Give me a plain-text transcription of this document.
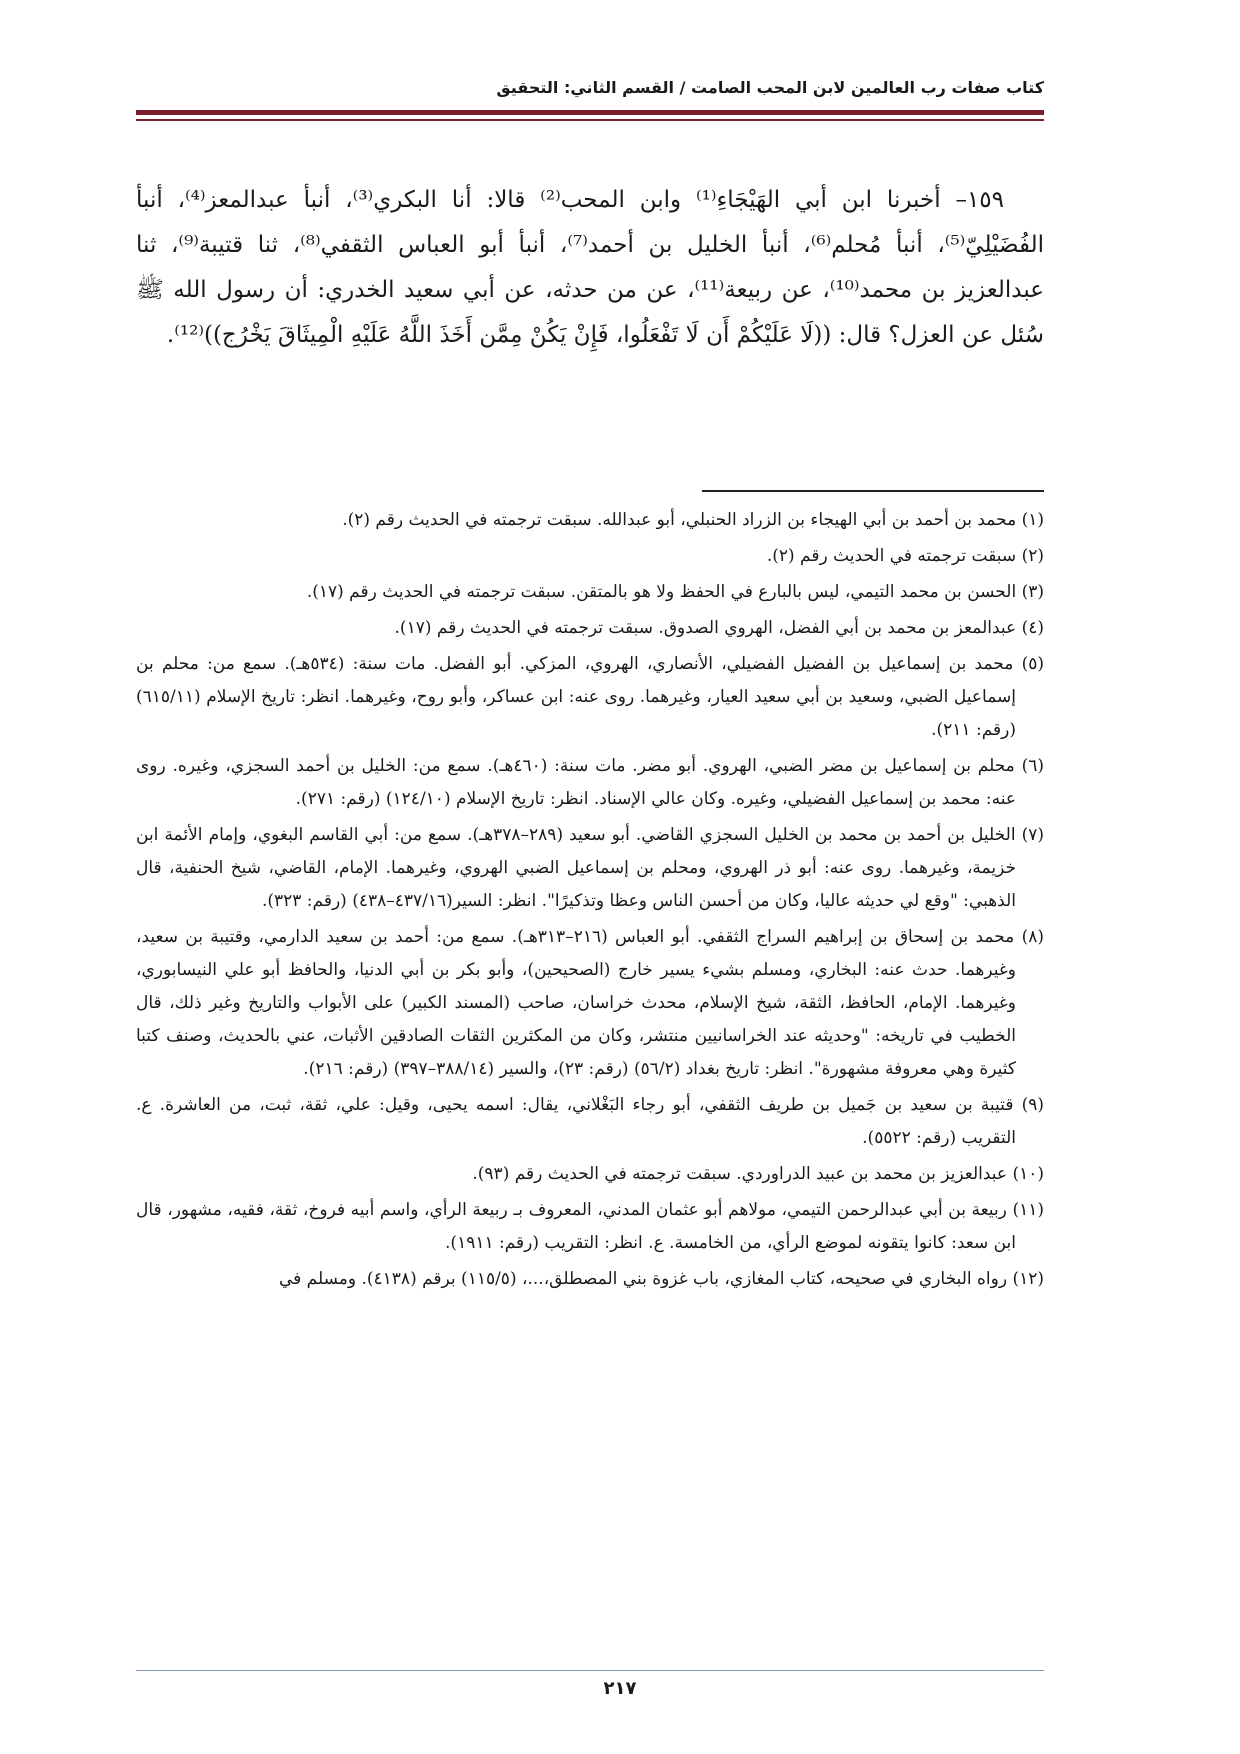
كتاب صفات رب العالمين لابن المحب الصامت / القسم الثاني: التحقيق

١٥٩– أخبرنا ابن أبي الهَيْجَاءِ⁽¹⁾ وابن المحب⁽²⁾ قالا: أنا البكري⁽³⁾، أنبأ عبدالمعز⁽⁴⁾، أنبأ الفُضَيْلِيّ⁽⁵⁾، أنبأ مُحلم⁽⁶⁾، أنبأ الخليل بن أحمد⁽⁷⁾، أنبأ أبو العباس الثقفي⁽⁸⁾، ثنا قتيبة⁽⁹⁾، ثنا عبدالعزيز بن محمد⁽¹⁰⁾، عن ربيعة⁽¹¹⁾، عن من حدثه، عن أبي سعيد الخدري: أن رسول الله ﷺ سُئل عن العزل؟ قال: ((لَا عَلَيْكُمْ أَن لَا تَفْعَلُوا، فَإِنْ يَكُنْ مِمَّن أَخَذَ اللَّهُ عَلَيْهِ الْمِيثَاقَ يَخْرُج))⁽¹²⁾.

(١) محمد بن أحمد بن أبي الهيجاء بن الزراد الحنبلي، أبو عبدالله. سبقت ترجمته في الحديث رقم (٢).
(٢) سبقت ترجمته في الحديث رقم (٢).
(٣) الحسن بن محمد التيمي، ليس بالبارع في الحفظ ولا هو بالمتقن. سبقت ترجمته في الحديث رقم (١٧).
(٤) عبدالمعز بن محمد بن أبي الفضل، الهروي الصدوق. سبقت ترجمته في الحديث رقم (١٧).
(٥) محمد بن إسماعيل بن الفضيل الفضيلي، الأنصاري، الهروي، المزكي. أبو الفضل. مات سنة: (٥٣٤هـ). سمع من: محلم بن إسماعيل الضبي، وسعيد بن أبي سعيد العيار، وغيرهما. روى عنه: ابن عساكر، وأبو روح، وغيرهما. انظر: تاريخ الإسلام (٦١٥/١١) (رقم: ٢١١).
(٦) محلم بن إسماعيل بن مضر الضبي، الهروي. أبو مضر. مات سنة: (٤٦٠هـ). سمع من: الخليل بن أحمد السجزي، وغيره. روى عنه: محمد بن إسماعيل الفضيلي، وغيره. وكان عالي الإسناد. انظر: تاريخ الإسلام (١٢٤/١٠) (رقم: ٢٧١).
(٧) الخليل بن أحمد بن محمد بن الخليل السجزي القاضي. أبو سعيد (٢٨٩–٣٧٨هـ). سمع من: أبي القاسم البغوي، وإمام الأئمة ابن خزيمة، وغيرهما. روى عنه: أبو ذر الهروي، ومحلم بن إسماعيل الضبي الهروي، وغيرهما. الإمام، القاضي، شيخ الحنفية، قال الذهبي: "وقع لي حديثه عاليا، وكان من أحسن الناس وعظا وتذكيرًا". انظر: السير(٤٣٧/١٦–٤٣٨) (رقم: ٣٢٣).
(٨) محمد بن إسحاق بن إبراهيم السراج الثقفي. أبو العباس (٢١٦–٣١٣هـ). سمع من: أحمد بن سعيد الدارمي، وقتيبة بن سعيد، وغيرهما. حدث عنه: البخاري، ومسلم بشيء يسير خارج (الصحيحين)، وأبو بكر بن أبي الدنيا، والحافظ أبو علي النيسابوري، وغيرهما. الإمام، الحافظ، الثقة، شيخ الإسلام، محدث خراسان، صاحب (المسند الكبير) على الأبواب والتاريخ وغير ذلك، قال الخطيب في تاريخه: "وحديثه عند الخراسانيين منتشر، وكان من المكثرين الثقات الصادقين الأثبات، عني بالحديث، وصنف كتبا كثيرة وهي معروفة مشهورة". انظر: تاريخ بغداد (٥٦/٢) (رقم: ٢٣)، والسير (٣٨٨/١٤–٣٩٧) (رقم: ٢١٦).
(٩) قتيبة بن سعيد بن جَميل بن طريف الثقفي، أبو رجاء البَغْلاني، يقال: اسمه يحيى، وقيل: علي، ثقة، ثبت، من العاشرة. ع. التقريب (رقم: ٥٥٢٢).
(١٠) عبدالعزيز بن محمد بن عبيد الدراوردي. سبقت ترجمته في الحديث رقم (٩٣).
(١١) ربيعة بن أبي عبدالرحمن التيمي، مولاهم أبو عثمان المدني، المعروف بـ ربيعة الرأي، واسم أبيه فروخ، ثقة، فقيه، مشهور، قال ابن سعد: كانوا يتقونه لموضع الرأي، من الخامسة. ع. انظر: التقريب (رقم: ١٩١١).
(١٢) رواه البخاري في صحيحه، كتاب المغازي، باب غزوة بني المصطلق،...، (١١٥/٥) برقم (٤١٣٨). ومسلم في
٢١٧
